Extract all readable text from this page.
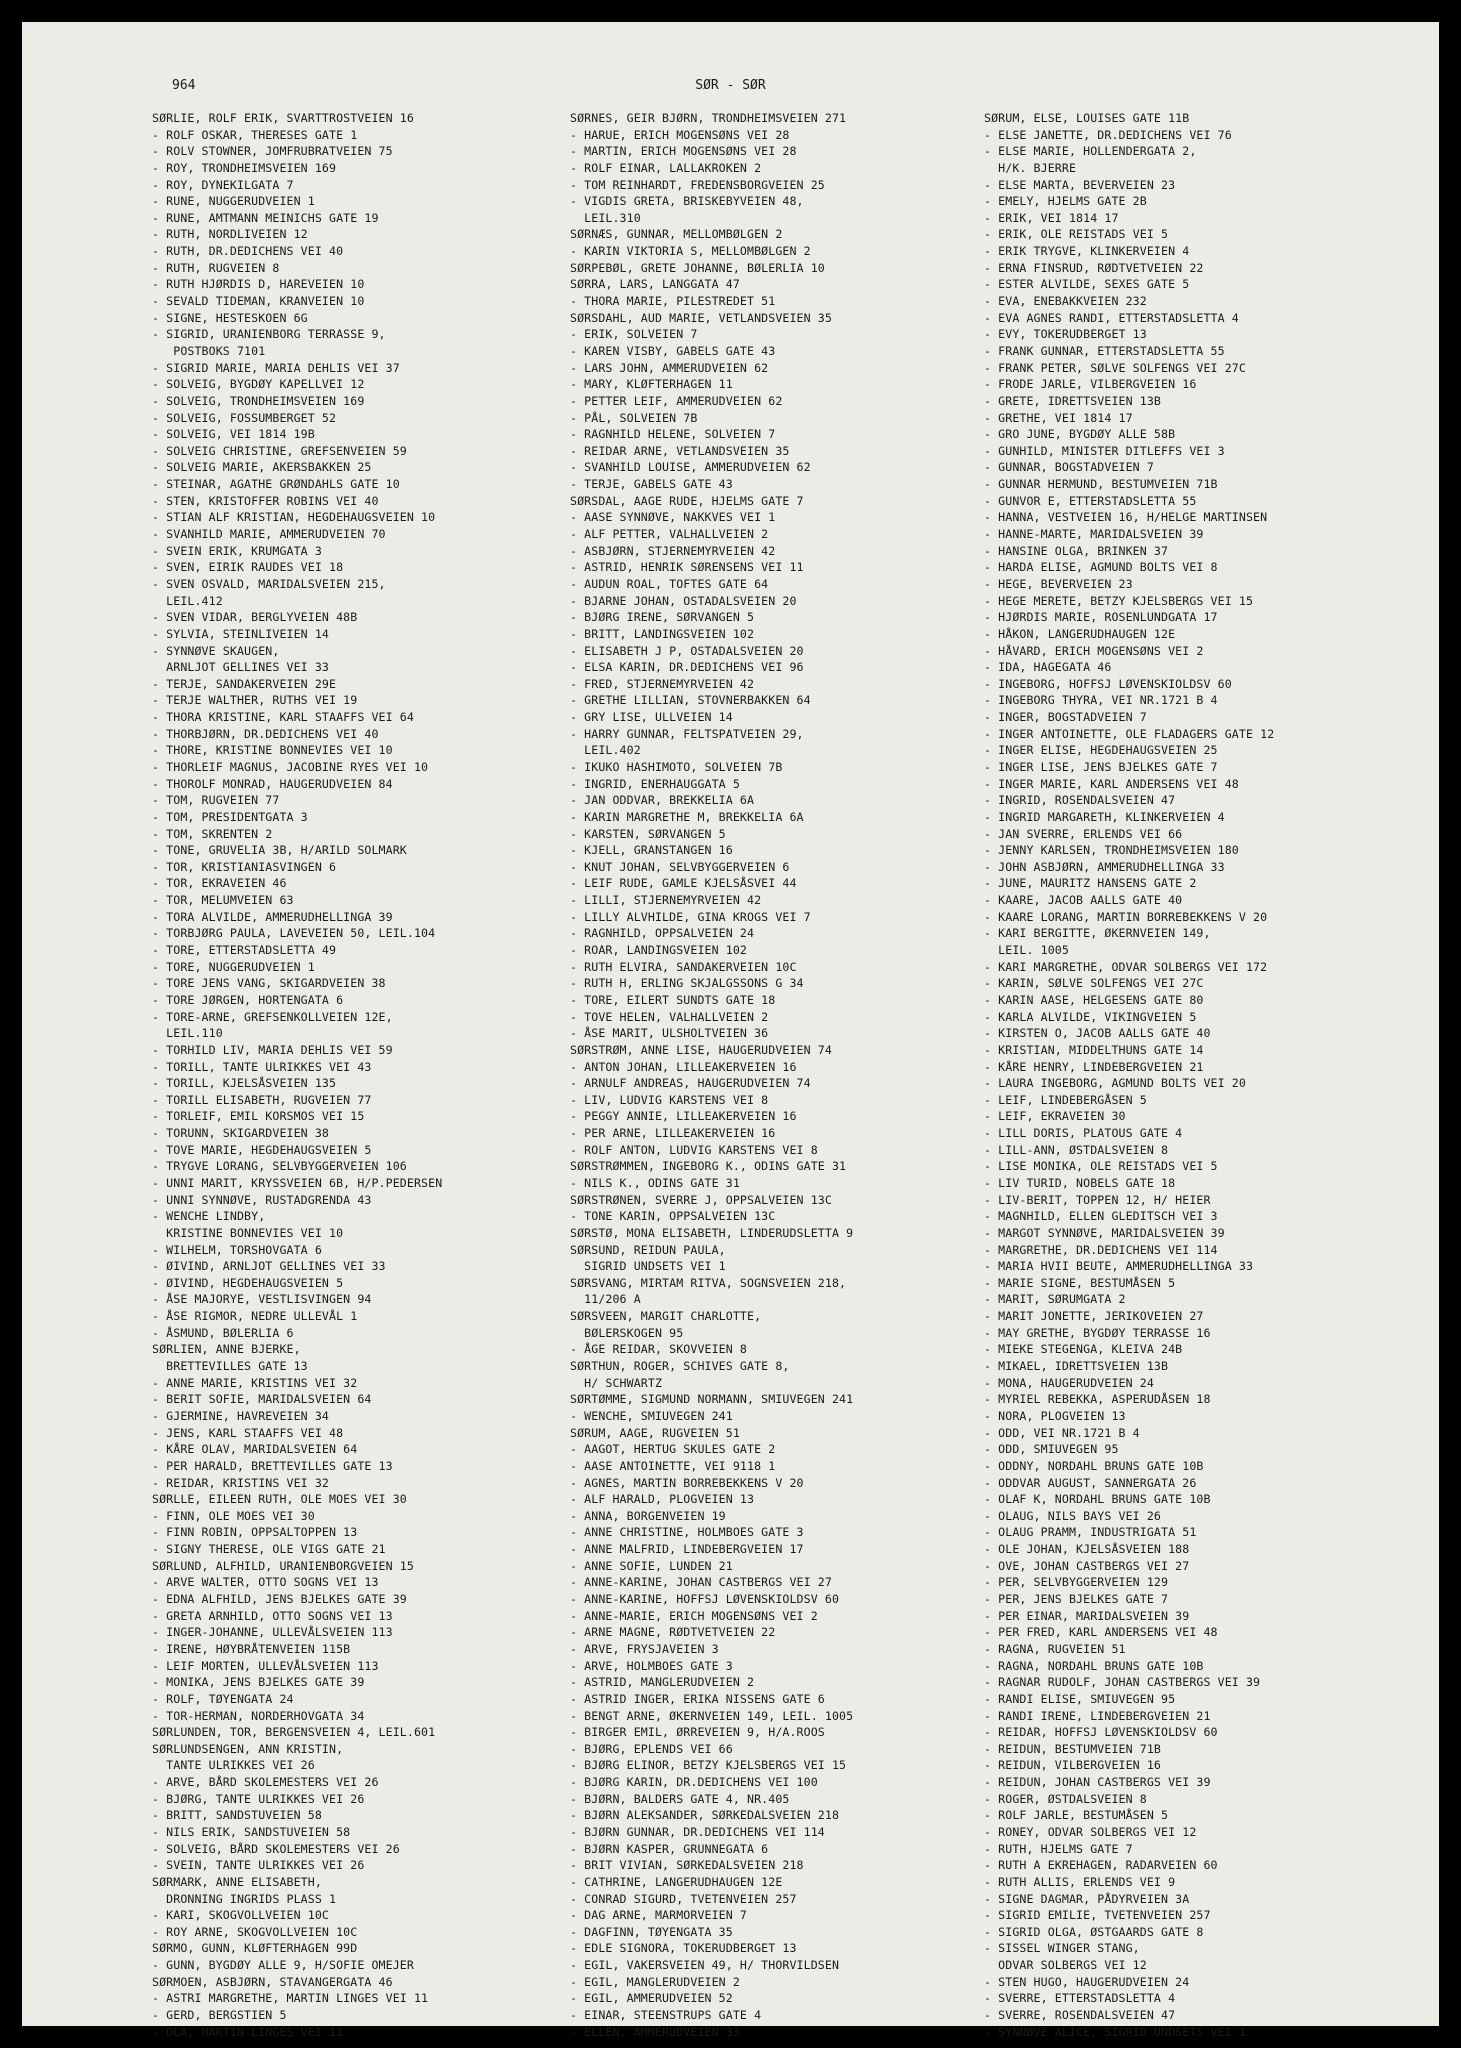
964	SØR - SØR
SØRLIE, ROLF ERIK, SVARTTROSTVEIEN 16
- ROLF OSKAR, THERESES GATE 1
- ROLV STOWNER, JOMFRUBRATVEIEN 75
- ROY, TRONDHEIMSVEIEN 169
- ROY, DYNEKILGATA 7
- RUNE, NUGGERUDVEIEN 1
- RUNE, AMTMANN MEINICHS GATE 19
- RUTH, NORDLIVEIEN 12
- RUTH, DR.DEDICHENS VEI 40
- RUTH, RUGVEIEN 8
- RUTH HJØRDIS D, HAREVEIEN 10
- SEVALD TIDEMAN, KRANVEIEN 10
- SIGNE, HESTESKOEN 6G
- SIGRID, URANIENBORG TERRASSE 9,
POSTBOKS 7101
- SIGRID MARIE, MARIA DEHLIS VEI 37
- SOLVEIG, BYGDØY KAPELLVEI 12
- SOLVEIG, TRONDHEIMSVEIEN 169
- SOLVEIG, FOSSUMBERGET 52
- SOLVEIG, VEI 1814 19B
- SOLVEIG CHRISTINE, GREFSENVEIEN 59
- SOLVEIG MARIE, AKERSBAKKEN 25
- STEINAR, AGATHE GRØNDAHLS GATE 10
- STEN, KRISTOFFER ROBINS VEI 40
- STIAN ALF KRISTIAN, HEGDEHAUGSVEIEN 10
- SVANHILD MARIE, AMMERUDVEIEN 70
- SVEIN ERIK, KRUMGATA 3
- SVEN, EIRIK RAUDES VEI 18
- SVEN OSVALD, MARIDALSVEIEN 215,
LEIL.412
- SVEN VIDAR, BERGLYVEIEN 48B
- SYLVIA, STEINLIVEIEN 14
- SYNNØVE SKAUGEN,
ARNLJOT GELLINES VEI 33
- TERJE, SANDAKERVEIEN 29E
- TERJE WALTHER, RUTHS VEI 19
- THORA KRISTINE, KARL STAAFFS VEI 64
- THORBJØRN, DR.DEDICHENS VEI 40
- THORE, KRISTINE BONNEVIES VEI 10
- THORLEIF MAGNUS, JACOBINE RYES VEI 10
- THOROLF MONRAD, HAUGERUDVEIEN 84
- TOM, RUGVEIEN 77
- TOM, PRESIDENTGATA 3
- TOM, SKRENTEN 2
- TONE, GRUVELIA 3B, H/ARILD SOLMARK
- TOR, KRISTIANIASVINGEN 6
- TOR, EKRAVEIEN 46
- TOR, MELUMVEIEN 63
- TORA ALVILDE, AMMERUDHELLINGA 39
- TORBJØRG PAULA, LAVEVEIEN 50, LEIL.104
- TORE, ETTERSTADSLETTA 49
- TORE, NUGGERUDVEIEN 1
- TORE JENS VANG, SKIGARDVEIEN 38
- TORE JØRGEN, HORTENGATA 6
- TORE-ARNE, GREFSENKOLLVEIEN 12E,
LEIL.110
- TORHILD LIV, MARIA DEHLIS VEI 59
- TORILL, TANTE ULRIKKES VEI 43
- TORILL, KJELSÅSVEIEN 135
- TORILL ELISABETH, RUGVEIEN 77
- TORLEIF, EMIL KORSMOS VEI 15
- TORUNN, SKIGARDVEIEN 38
- TOVE MARIE, HEGDEHAUGSVEIEN 5
- TRYGVE LORANG, SELVBYGGERVEIEN 106
- UNNI MARIT, KRYSSVEIEN 6B, H/P.PEDERSEN
- UNNI SYNNØVE, RUSTADGRENDA 43
- WENCHE LINDBY,
KRISTINE BONNEVIES VEI 10
- WILHELM, TORSHOVGATA 6
- ØIVIND, ARNLJOT GELLINES VEI 33
- ØIVIND, HEGDEHAUGSVEIEN 5
- ÅSE MAJORYE, VESTLISVINGEN 94
- ÅSE RIGMOR, NEDRE ULLEVÅL 1
- ÅSMUND, BØLERLIA 6
SØRLIEN, ANNE BJERKE,
BRETTEVILLES GATE 13
- ANNE MARIE, KRISTINS VEI 32
- BERIT SOFIE, MARIDALSVEIEN 64
- GJERMINE, HAVREVEIEN 34
- JENS, KARL STAAFFS VEI 48
- KÅRE OLAV, MARIDALSVEIEN 64
- PER HARALD, BRETTEVILLES GATE 13
- REIDAR, KRISTINS VEI 32
SØRLLE, EILEEN RUTH, OLE MOES VEI 30
- FINN, OLE MOES VEI 30
- FINN ROBIN, OPPSALTOPPEN 13
- SIGNY THERESE, OLE VIGS GATE 21
SØRLUND, ALFHILD, URANIENBORGVEIEN 15
- ARVE WALTER, OTTO SOGNS VEI 13
- EDNA ALFHILD, JENS BJELKES GATE 39
- GRETA ARNHILD, OTTO SOGNS VEI 13
- INGER-JOHANNE, ULLEVÅLSVEIEN 113
- IRENE, HØYBRÅTENVEIEN 115B
- LEIF MORTEN, ULLEVÅLSVEIEN 113
- MONIKA, JENS BJELKES GATE 39
- ROLF, TØYENGATA 24
- TOR-HERMAN, NORDERHOVGATA 34
SØRLUNDEN, TOR, BERGENSVEIEN 4, LEIL.601
SØRLUNDSENGEN, ANN KRISTIN,
TANTE ULRIKKES VEI 26
- ARVE, BÅRD SKOLEMESTERS VEI 26
- BJØRG, TANTE ULRIKKES VEI 26
- BRITT, SANDSTUVEIEN 58
- NILS ERIK, SANDSTUVEIEN 58
- SOLVEIG, BÅRD SKOLEMESTERS VEI 26
- SVEIN, TANTE ULRIKKES VEI 26
SØRMARK, ANNE ELISABETH,
DRONNING INGRIDS PLASS 1
- KARI, SKOGVOLLVEIEN 10C
- ROY ARNE, SKOGVOLLVEIEN 10C
SØRMO, GUNN, KLØFTERHAGEN 99D
- GUNN, BYGDØY ALLE 9, H/SOFIE OMEJER
SØRMOEN, ASBJØRN, STAVANGERGATA 46
- ASTRI MARGRETHE, MARTIN LINGES VEI 11
- GERD, BERGSTIEN 5
- OLA, MARTIN LINGES VEI 11
SØRNES, GEIR BJØRN, TRONDHEIMSVEIEN 271
- HARUE, ERICH MOGENSØNS VEI 28
- MARTIN, ERICH MOGENSØNS VEI 28
- ROLF EINAR, LALLAKROKEN 2
- TOM REINHARDT, FREDENSBORGVEIEN 25
- VIGDIS GRETA, BRISKEBYVEIEN 48,
LEIL.310
SØRNÆS, GUNNAR, MELLOMBØLGEN 2
- KARIN VIKTORIA S, MELLOMBØLGEN 2
SØRPEBØL, GRETE JOHANNE, BØLERLIA 10
SØRRA, LARS, LANGGATA 47
- THORA MARIE, PILESTREDET 51
SØRSDAHL, AUD MARIE, VETLANDSVEIEN 35
- ERIK, SOLVEIEN 7
- KAREN VISBY, GABELS GATE 43
- LARS JOHN, AMMERUDVEIEN 62
- MARY, KLØFTERHAGEN 11
- PETTER LEIF, AMMERUDVEIEN 62
- PÅL, SOLVEIEN 7B
- RAGNHILD HELENE, SOLVEIEN 7
- REIDAR ARNE, VETLANDSVEIEN 35
- SVANHILD LOUISE, AMMERUDVEIEN 62
- TERJE, GABELS GATE 43
SØRSDAL, AAGE RUDE, HJELMS GATE 7
- AASE SYNNØVE, NAKKVES VEI 1
- ALF PETTER, VALHALLVEIEN 2
- ASBJØRN, STJERNEMYRVEIEN 42
- ASTRID, HENRIK SØRENSENS VEI 11
- AUDUN ROAL, TOFTES GATE 64
- BJARNE JOHAN, OSTADALSVEIEN 20
- BJØRG IRENE, SØRVANGEN 5
- BRITT, LANDINGSVEIEN 102
- ELISABETH J P, OSTADALSVEIEN 20
- ELSA KARIN, DR.DEDICHENS VEI 96
- FRED, STJERNEMYRVEIEN 42
- GRETHE LILLIAN, STOVNERBAKKEN 64
- GRY LISE, ULLVEIEN 14
- HARRY GUNNAR, FELTSPATVEIEN 29,
LEIL.402
- IKUKO HASHIMOTO, SOLVEIEN 7B
- INGRID, ENERHAUGGATA 5
- JAN ODDVAR, BREKKELIA 6A
- KARIN MARGRETHE M, BREKKELIA 6A
- KARSTEN, SØRVANGEN 5
- KJELL, GRANSTANGEN 16
- KNUT JOHAN, SELVBYGGERVEIEN 6
- LEIF RUDE, GAMLE KJELSÅSVEI 44
- LILLI, STJERNEMYRVEIEN 42
- LILLY ALVHILDE, GINA KROGS VEI 7
- RAGNHILD, OPPSALVEIEN 24
- ROAR, LANDINGSVEIEN 102
- RUTH ELVIRA, SANDAKERVEIEN 10C
- RUTH H, ERLING SKJALGSSONS G 34
- TORE, EILERT SUNDTS GATE 18
- TOVE HELEN, VALHALLVEIEN 2
- ÅSE MARIT, ULSHOLTVEIEN 36
SØRSTRØM, ANNE LISE, HAUGERUDVEIEN 74
- ANTON JOHAN, LILLEAKERVEIEN 16
- ARNULF ANDREAS, HAUGERUDVEIEN 74
- LIV, LUDVIG KARSTENS VEI 8
- PEGGY ANNIE, LILLEAKERVEIEN 16
- PER ARNE, LILLEAKERVEIEN 16
- ROLF ANTON, LUDVIG KARSTENS VEI 8
SØRSTRØMMEN, INGEBORG K., ODINS GATE 31
- NILS K., ODINS GATE 31
SØRSTRØNEN, SVERRE J, OPPSALVEIEN 13C
- TONE KARIN, OPPSALVEIEN 13C
SØRSTØ, MONA ELISABETH, LINDERUDSLETTA 9
SØRSUND, REIDUN PAULA,
SIGRID UNDSETS VEI 1
SØRSVANG, MIRTAM RITVA, SOGNSVEIEN 218,
11/206 A
SØRSVEEN, MARGIT CHARLOTTE,
BØLERSKOGEN 95
- ÅGE REIDAR, SKOVVEIEN 8
SØRTHUN, ROGER, SCHIVES GATE 8,
H/ SCHWARTZ
SØRTØMME, SIGMUND NORMANN, SMIUVEGEN 241
- WENCHE, SMIUVEGEN 241
SØRUM, AAGE, RUGVEIEN 51
- AAGOT, HERTUG SKULES GATE 2
- AASE ANTOINETTE, VEI 9118 1
- AGNES, MARTIN BORREBEKKENS V 20
- ALF HARALD, PLOGVEIEN 13
- ANNA, BORGENVEIEN 19
- ANNE CHRISTINE, HOLMBOES GATE 3
- ANNE MALFRID, LINDEBERGVEIEN 17
- ANNE SOFIE, LUNDEN 21
- ANNE-KARINE, JOHAN CASTBERGS VEI 27
- ANNE-KARINE, HOFFSJ LØVENSKIOLDSV 60
- ANNE-MARIE, ERICH MOGENSØNS VEI 2
- ARNE MAGNE, RØDTVETVEIEN 22
- ARVE, FRYSJAVEIEN 3
- ARVE, HOLMBOES GATE 3
- ASTRID, MANGLERUDVEIEN 2
- ASTRID INGER, ERIKA NISSENS GATE 6
- BENGT ARNE, ØKERNVEIEN 149, LEIL. 1005
- BIRGER EMIL, ØRREVEIEN 9, H/A.ROOS
- BJØRG, EPLENDS VEI 66
- BJØRG ELINOR, BETZY KJELSBERGS VEI 15
- BJØRG KARIN, DR.DEDICHENS VEI 100
- BJØRN, BALDERS GATE 4, NR.405
- BJØRN ALEKSANDER, SØRKEDALSVEIEN 218
- BJØRN GUNNAR, DR.DEDICHENS VEI 114
- BJØRN KASPER, GRUNNEGATA 6
- BRIT VIVIAN, SØRKEDALSVEIEN 218
- CATHRINE, LANGERUDHAUGEN 12E
- CONRAD SIGURD, TVETENVEIEN 257
- DAG ARNE, MARMORVEIEN 7
- DAGFINN, TØYENGATA 35
- EDLE SIGNORA, TOKERUDBERGET 13
- EGIL, VAKERSVEIEN 49, H/ THORVILDSEN
- EGIL, MANGLERUDVEIEN 2
- EGIL, AMMERUDVEIEN 52
- EINAR, STEENSTRUPS GATE 4
- ELLEN, AMMERUDVEIEN 33
SØRUM, ELSE, LOUISES GATE 11B
- ELSE JANETTE, DR.DEDICHENS VEI 76
- ELSE MARIE, HOLLENDERGATA 2,
H/K. BJERRE
- ELSE MARTA, BEVERVEIEN 23
- EMELY, HJELMS GATE 2B
- ERIK, VEI 1814 17
- ERIK, OLE REISTADS VEI 5
- ERIK TRYGVE, KLINKERVEIEN 4
- ERNA FINSRUD, RØDTVETVEIEN 22
- ESTER ALVILDE, SEXES GATE 5
- EVA, ENEBAKKVEIEN 232
- EVA AGNES RANDI, ETTERSTADSLETTA 4
- EVY, TOKERUDBERGET 13
- FRANK GUNNAR, ETTERSTADSLETTA 55
- FRANK PETER, SØLVE SOLFENGS VEI 27C
- FRODE JARLE, VILBERGVEIEN 16
- GRETE, IDRETTSVEIEN 13B
- GRETHE, VEI 1814 17
- GRO JUNE, BYGDØY ALLE 58B
- GUNHILD, MINISTER DITLEFFS VEI 3
- GUNNAR, BOGSTADVEIEN 7
- GUNNAR HERMUND, BESTUMVEIEN 71B
- GUNVOR E, ETTERSTADSLETTA 55
- HANNA, VESTVEIEN 16, H/HELGE MARTINSEN
- HANNE-MARTE, MARIDALSVEIEN 39
- HANSINE OLGA, BRINKEN 37
- HARDA ELISE, AGMUND BOLTS VEI 8
- HEGE, BEVERVEIEN 23
- HEGE MERETE, BETZY KJELSBERGS VEI 15
- HJØRDIS MARIE, ROSENLUNDGATA 17
- HÅKON, LANGERUDHAUGEN 12E
- HÅVARD, ERICH MOGENSØNS VEI 2
- IDA, HAGEGATA 46
- INGEBORG, HOFFSJ LØVENSKIOLDSV 60
- INGEBORG THYRA, VEI NR.1721 B 4
- INGER, BOGSTADVEIEN 7
- INGER ANTOINETTE, OLE FLADAGERS GATE 12
- INGER ELISE, HEGDEHAUGSVEIEN 25
- INGER LISE, JENS BJELKES GATE 7
- INGER MARIE, KARL ANDERSENS VEI 48
- INGRID, ROSENDALSVEIEN 47
- INGRID MARGARETH, KLINKERVEIEN 4
- JAN SVERRE, ERLENDS VEI 66
- JENNY KARLSEN, TRONDHEIMSVEIEN 180
- JOHN ASBJØRN, AMMERUDHELLINGA 33
- JUNE, MAURITZ HANSENS GATE 2
- KAARE, JACOB AALLS GATE 40
- KAARE LORANG, MARTIN BORREBEKKENS V 20
- KARI BERGITTE, ØKERNVEIEN 149,
LEIL. 1005
- KARI MARGRETHE, ODVAR SOLBERGS VEI 172
- KARIN, SØLVE SOLFENGS VEI 27C
- KARIN AASE, HELGESENS GATE 80
- KARLA ALVILDE, VIKINGVEIEN 5
- KIRSTEN O, JACOB AALLS GATE 40
- KRISTIAN, MIDDELTHUNS GATE 14
- KÅRE HENRY, LINDEBERGVEIEN 21
- LAURA INGEBORG, AGMUND BOLTS VEI 20
- LEIF, LINDEBERGÅSEN 5
- LEIF, EKRAVEIEN 30
- LILL DORIS, PLATOUS GATE 4
- LILL-ANN, ØSTDALSVEIEN 8
- LISE MONIKA, OLE REISTADS VEI 5
- LIV TURID, NOBELS GATE 18
- LIV-BERIT, TOPPEN 12, H/ HEIER
- MAGNHILD, ELLEN GLEDITSCH VEI 3
- MARGOT SYNNØVE, MARIDALSVEIEN 39
- MARGRETHE, DR.DEDICHENS VEI 114
- MARIA HVII BEUTE, AMMERUDHELLINGA 33
- MARIE SIGNE, BESTUMÅSEN 5
- MARIT, SØRUMGATA 2
- MARIT JONETTE, JERIKOVEIEN 27
- MAY GRETHE, BYGDØY TERRASSE 16
- MIEKE STEGENGA, KLEIVA 24B
- MIKAEL, IDRETTSVEIEN 13B
- MONA, HAUGERUDVEIEN 24
- MYRIEL REBEKKA, ASPERUDÅSEN 18
- NORA, PLOGVEIEN 13
- ODD, VEI NR.1721 B 4
- ODD, SMIUVEGEN 95
- ODDNY, NORDAHL BRUNS GATE 10B
- ODDVAR AUGUST, SANNERGATA 26
- OLAF K, NORDAHL BRUNS GATE 10B
- OLAUG, NILS BAYS VEI 26
- OLAUG PRAMM, INDUSTRIGATA 51
- OLE JOHAN, KJELSÅSVEIEN 188
- OVE, JOHAN CASTBERGS VEI 27
- PER, SELVBYGGERVEIEN 129
- PER, JENS BJELKES GATE 7
- PER EINAR, MARIDALSVEIEN 39
- PER FRED, KARL ANDERSENS VEI 48
- RAGNA, RUGVEIEN 51
- RAGNA, NORDAHL BRUNS GATE 10B
- RAGNAR RUDOLF, JOHAN CASTBERGS VEI 39
- RANDI ELISE, SMIUVEGEN 95
- RANDI IRENE, LINDEBERGVEIEN 21
- REIDAR, HOFFSJ LØVENSKIOLDSV 60
- REIDUN, BESTUMVEIEN 71B
- REIDUN, VILBERGVEIEN 16
- REIDUN, JOHAN CASTBERGS VEI 39
- ROGER, ØSTDALSVEIEN 8
- ROLF JARLE, BESTUMÅSEN 5
- RONEY, ODVAR SOLBERGS VEI 12
- RUTH, HJELMS GATE 7
- RUTH A EKREHAGEN, RADARVEIEN 60
- RUTH ALLIS, ERLENDS VEI 9
- SIGNE DAGMAR, PÅDYRVEIEN 3A
- SIGRID EMILIE, TVETENVEIEN 257
- SIGRID OLGA, ØSTGAARDS GATE 8
- SISSEL WINGER STANG,
ODVAR SOLBERGS VEI 12
- STEN HUGO, HAUGERUDVEIEN 24
- SVERRE, ETTERSTADSLETTA 4
- SVERRE, ROSENDALSVEIEN 47
- SYNNØVE ALICE, SIGRID UNDSETS VEI 1
